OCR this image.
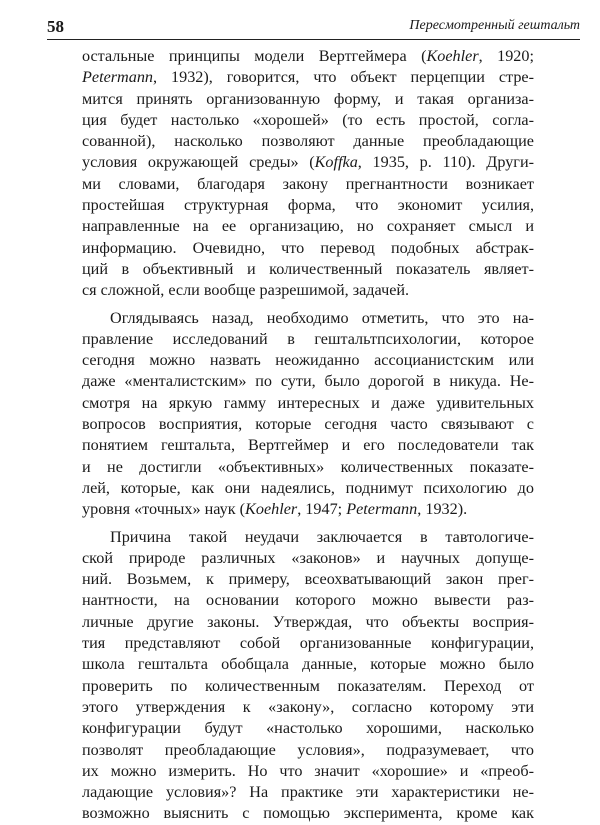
58	Пересмотренный гештальт
остальные принципы модели Вертгеймера (Koehler, 1920;
Petermann, 1932), говорится, что объект перцепции стре-
мится принять организованную форму, и такая организа-
ция будет настолько «хорошей» (то есть простой, согла-
сованной), насколько позволяют данные преобладающие
условия окружающей среды» (Koffka, 1935, p. 110). Други-
ми словами, благодаря закону прегнантности возникает
простейшая структурная форма, что экономит усилия,
направленные на ее организацию, но сохраняет смысл и
информацию. Очевидно, что перевод подобных абстрак-
ций в объективный и количественный показатель являет-
ся сложной, если вообще разрешимой, задачей.
Оглядываясь назад, необходимо отметить, что это на-
правление исследований в гештальтпсихологии, которое
сегодня можно назвать неожиданно ассоцианистским или
даже «менталистским» по сути, было дорогой в никуда. Не-
смотря на яркую гамму интересных и даже удивительных
вопросов восприятия, которые сегодня часто связывают с
понятием гештальта, Вертгеймер и его последователи так
и не достигли «объективных» количественных показате-
лей, которые, как они надеялись, поднимут психологию до
уровня «точных» наук (Koehler, 1947; Petermann, 1932).
Причина такой неудачи заключается в тавтологиче-
ской природе различных «законов» и научных допуще-
ний. Возьмем, к примеру, всеохватывающий закон прег-
нантности, на основании которого можно вывести раз-
личные другие законы. Утверждая, что объекты восприя-
тия представляют собой организованные конфигурации,
школа гештальта обобщала данные, которые можно было
проверить по количественным показателям. Переход от
этого утверждения к «закону», согласно которому эти
конфигурации будут «настолько хорошими, насколько
позволят преобладающие условия», подразумевает, что
их можно измерить. Но что значит «хорошие» и «преоб-
ладающие условия»? На практике эти характеристики не-
возможно выяснить с помощью эксперимента, кроме как
